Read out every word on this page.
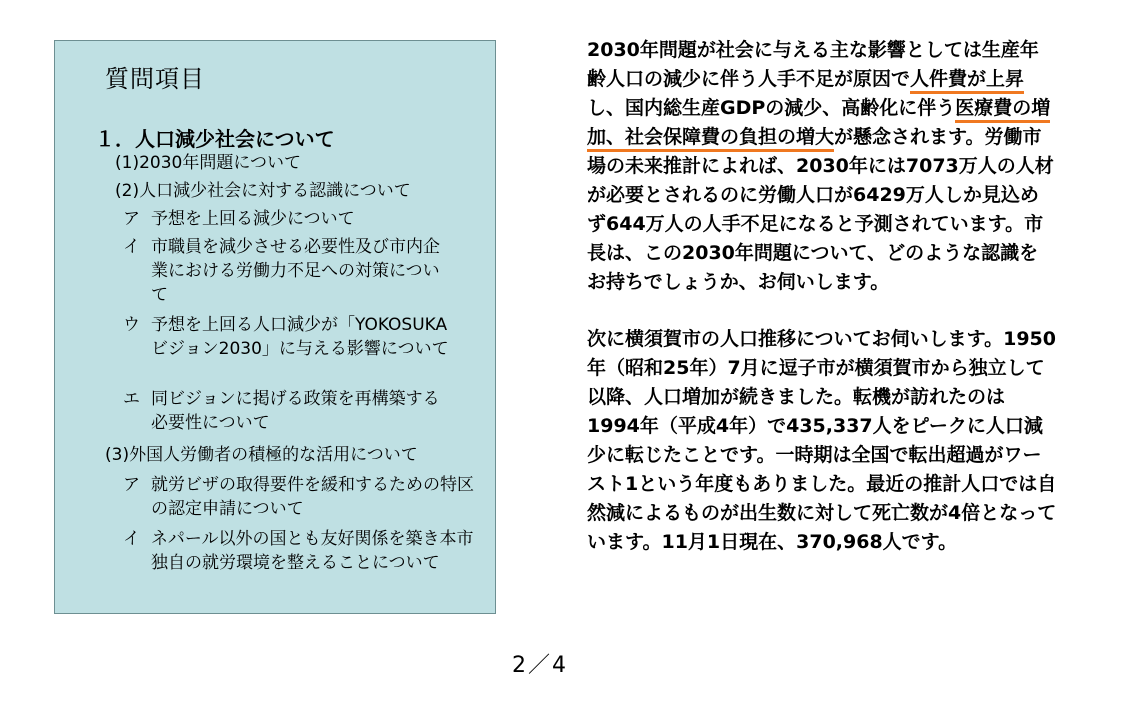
質問項目
１．人口減少社会について
(1)2030年問題について
(2)人口減少社会に対する認識について
ア 予想を上回る減少について
イ 市職員を減少させる必要性及び市内企業における労働力不足への対策について
ウ 予想を上回る人口減少が「YOKOSUKAビジョン2030」に与える影響について
エ 同ビジョンに掲げる政策を再構築する必要性について
(3)外国人労働者の積極的な活用について
ア 就労ビザの取得要件を緩和するための特区の認定申請について
イ ネパール以外の国とも友好関係を築き本市独自の就労環境を整えることについて

2030年問題が社会に与える主な影響としては生産年齢人口の減少に伴う人手不足が原因で人件費が上昇し、国内総生産GDPの減少、高齢化に伴う医療費の増加、社会保障費の負担の増大が懸念されます。労働市場の未来推計によれば、2030年には7073万人の人材が必要とされるのに労働人口が6429万人しか見込めず644万人の人手不足になると予測されています。市長は、この2030年問題について、どのような認識をお持ちでしょうか、お伺いします。

次に横須賀市の人口推移についてお伺いします。1950年（昭和25年）7月に逗子市が横須賀市から独立して以降、人口増加が続きました。転機が訪れたのは1994年（平成4年）で435,337人をピークに人口減少に転じたことです。一時期は全国で転出超過がワースト1という年度もありました。最近の推計人口では自然減によるものが出生数に対して死亡数が4倍となっています。11月1日現在、370,968人です。

2／4
